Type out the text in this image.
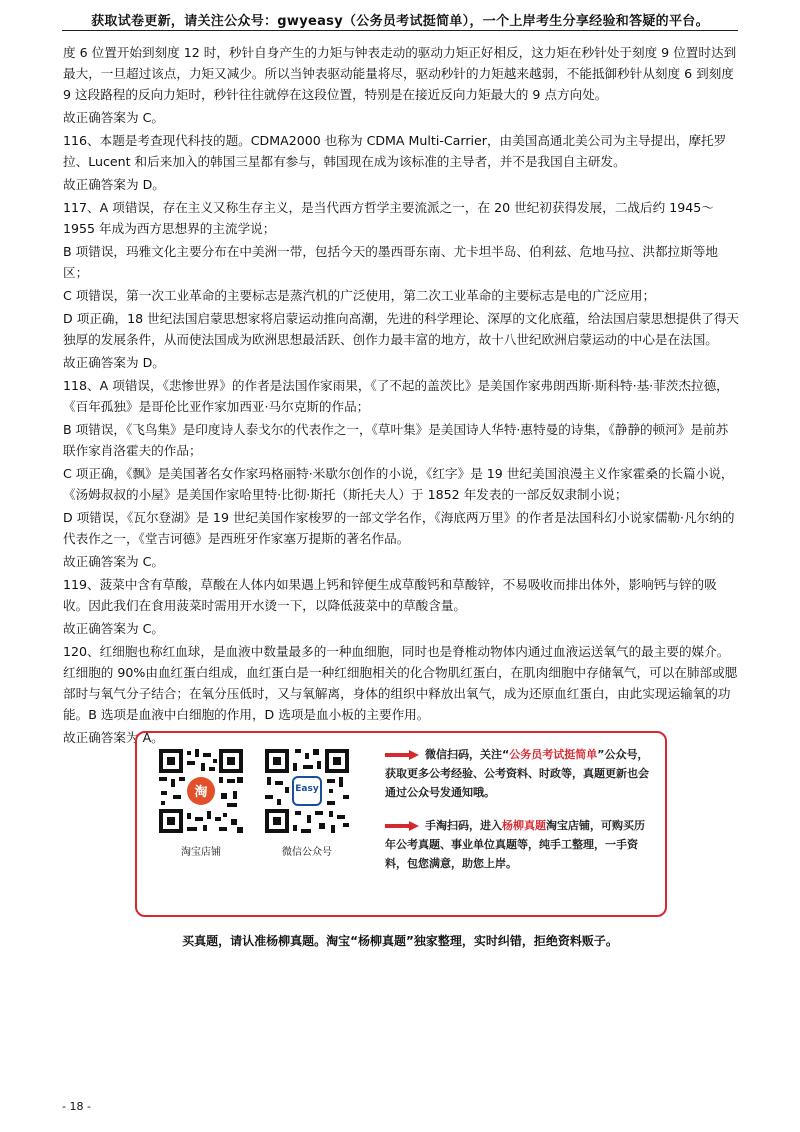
获取试卷更新，请关注公众号：gwyeasy（公务员考试挺简单），一个上岸考生分享经验和答疑的平台。

度 6 位置开始到刻度 12 时，秒针自身产生的力矩与钟表走动的驱动力矩正好相反，这力矩在秒针处于刻度 9 位置时达到最大，一旦超过该点，力矩又减少。所以当钟表驱动能量将尽，驱动秒针的力矩越来越弱，不能抵御秒针从刻度 6 到刻度 9 这段路程的反向力矩时，秒针往往就停在这段位置，特别是在接近反向力矩最大的 9 点方向处。

故正确答案为 C。

116、本题是考查现代科技的题。CDMA2000 也称为 CDMA Multi-Carrier，由美国高通北美公司为主导提出，摩托罗拉、Lucent 和后来加入的韩国三星都有参与，韩国现在成为该标准的主导者，并不是我国自主研发。

故正确答案为 D。

117、A 项错误，存在主义又称生存主义，是当代西方哲学主要流派之一，在 20 世纪初获得发展，二战后约 1945～1955 年成为西方思想界的主流学说；

B 项错误，玛雅文化主要分布在中美洲一带，包括今天的墨西哥东南、尤卡坦半岛、伯利兹、危地马拉、洪都拉斯等地区；

C 项错误，第一次工业革命的主要标志是蒸汽机的广泛使用，第二次工业革命的主要标志是电的广泛应用；

D 项正确，18 世纪法国启蒙思想家将启蒙运动推向高潮，先进的科学理论、深厚的文化底蕴，给法国启蒙思想提供了得天独厚的发展条件，从而使法国成为欧洲思想最活跃、创作力最丰富的地方，故十八世纪欧洲启蒙运动的中心是在法国。

故正确答案为 D。

118、A 项错误，《悲惨世界》的作者是法国作家雨果，《了不起的盖茨比》是美国作家弗朗西斯·斯科特·基·菲茨杰拉德，《百年孤独》是哥伦比亚作家加西亚·马尔克斯的作品；

B 项错误，《飞鸟集》是印度诗人泰戈尔的代表作之一，《草叶集》是美国诗人华特·惠特曼的诗集，《静静的顿河》是前苏联作家肖洛霍夫的作品；

C 项正确，《飘》是美国著名女作家玛格丽特·米歇尔创作的小说，《红字》是 19 世纪美国浪漫主义作家霍桑的长篇小说，《汤姆叔叔的小屋》是美国作家哈里特·比彻·斯托（斯托夫人）于 1852 年发表的一部反奴隶制小说；

D 项错误，《瓦尔登湖》是 19 世纪美国作家梭罗的一部文学名作，《海底两万里》的作者是法国科幻小说家儒勒·凡尔纳的代表作之一，《堂吉诃德》是西班牙作家塞万提斯的著名作品。

故正确答案为 C。

119、菠菜中含有草酸，草酸在人体内如果遇上钙和锌便生成草酸钙和草酸锌，不易吸收而排出体外，影响钙与锌的吸收。因此我们在食用菠菜时需用开水烫一下，以降低菠菜中的草酸含量。

故正确答案为 C。

120、红细胞也称红血球，是血液中数量最多的一种血细胞，同时也是脊椎动物体内通过血液运送氧气的最主要的媒介。红细胞的 90%由血红蛋白组成，血红蛋白是一种红细胞相关的化合物肌红蛋白，在肌肉细胞中存储氧气，可以在肺部或腮部时与氧气分子结合；在氧分压低时，又与氧解离，身体的组织中释放出氧气，成为还原血红蛋白，由此实现运输氧的功能。B 选项是血液中白细胞的作用，D 选项是血小板的主要作用。

故正确答案为 A。

淘
淘宝店铺
Easy
微信公众号

微信扫码，关注“公务员考试挺简单”公众号，获取更多公考经验、公考资料、时政等，真题更新也会通过公众号发通知哦。

手淘扫码，进入杨柳真题淘宝店铺，可购买历年公考真题、事业单位真题等，纯手工整理，一手资料，包您满意，助您上岸。

买真题，请认准杨柳真题。淘宝“杨柳真题”独家整理，实时纠错，拒绝资料贩子。
- 18 -
